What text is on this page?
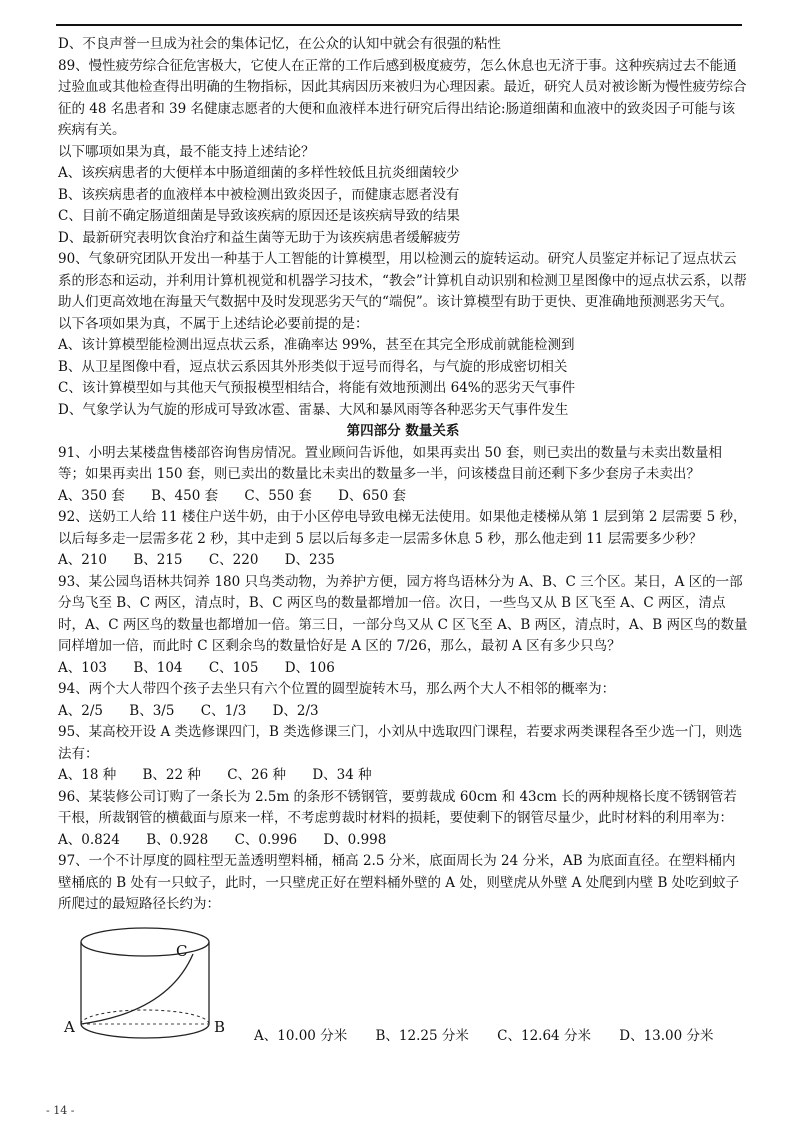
D、不良声誉一旦成为社会的集体记忆，在公众的认知中就会有很强的粘性

89、慢性疲劳综合征危害极大，它使人在正常的工作后感到极度疲劳，怎么休息也无济于事。这种疾病过去不能通过验血或其他检查得出明确的生物指标，因此其病因历来被归为心理因素。最近，研究人员对被诊断为慢性疲劳综合征的 48 名患者和 39 名健康志愿者的大便和血液样本进行研究后得出结论:肠道细菌和血液中的致炎因子可能与该疾病有关。

以下哪项如果为真，最不能支持上述结论？

A、该疾病患者的大便样本中肠道细菌的多样性较低且抗炎细菌较少

B、该疾病患者的血液样本中被检测出致炎因子，而健康志愿者没有

C、目前不确定肠道细菌是导致该疾病的原因还是该疾病导致的结果

D、最新研究表明饮食治疗和益生菌等无助于为该疾病患者缓解疲劳

90、气象研究团队开发出一种基于人工智能的计算模型，用以检测云的旋转运动。研究人员鉴定并标记了逗点状云系的形态和运动，并利用计算机视觉和机器学习技术，“教会”计算机自动识别和检测卫星图像中的逗点状云系，以帮助人们更高效地在海量天气数据中及时发现恶劣天气的“端倪”。该计算模型有助于更快、更准确地预测恶劣天气。

以下各项如果为真，不属于上述结论必要前提的是：

A、该计算模型能检测出逗点状云系，准确率达 99%，甚至在其完全形成前就能检测到

B、从卫星图像中看，逗点状云系因其外形类似于逗号而得名，与气旋的形成密切相关

C、该计算模型如与其他天气预报模型相结合，将能有效地预测出 64%的恶劣天气事件

D、气象学认为气旋的形成可导致冰雹、雷暴、大风和暴风雨等各种恶劣天气事件发生

第四部分 数量关系

91、小明去某楼盘售楼部咨询售房情况。置业顾问告诉他，如果再卖出 50 套，则已卖出的数量与未卖出数量相等；如果再卖出 150 套，则已卖出的数量比未卖出的数量多一半，问该楼盘目前还剩下多少套房子未卖出？

A、350 套 B、450 套 C、550 套 D、650 套

92、送奶工人给 11 楼住户送牛奶，由于小区停电导致电梯无法使用。如果他走楼梯从第 1 层到第 2 层需要 5 秒，以后每多走一层需多花 2 秒，其中走到 5 层以后每多走一层需多休息 5 秒，那么他走到 11 层需要多少秒？

A、210 B、215 C、220 D、235

93、某公园鸟语林共饲养 180 只鸟类动物，为养护方便，园方将鸟语林分为 A、B、C 三个区。某日，A 区的一部分鸟飞至 B、C 两区，清点时，B、C 两区鸟的数量都增加一倍。次日，一些鸟又从 B 区飞至 A、C 两区，清点时，A、C 两区鸟的数量也都增加一倍。第三日，一部分鸟又从 C 区飞至 A、B 两区，清点时，A、B 两区鸟的数量同样增加一倍，而此时 C 区剩余鸟的数量恰好是 A 区的 7/26，那么，最初 A 区有多少只鸟？

A、103 B、104 C、105 D、106

94、两个大人带四个孩子去坐只有六个位置的圆型旋转木马，那么两个大人不相邻的概率为：

A、2/5 B、3/5 C、1/3 D、2/3

95、某高校开设 A 类选修课四门，B 类选修课三门，小刘从中选取四门课程，若要求两类课程各至少选一门，则选法有：

A、18 种 B、22 种 C、26 种 D、34 种

96、某装修公司订购了一条长为 2.5m 的条形不锈钢管，要剪裁成 60cm 和 43cm 长的两种规格长度不锈钢管若干根，所裁钢管的横截面与原来一样，不考虑剪裁时材料的损耗，要使剩下的钢管尽量少，此时材料的利用率为：

A、0.824 B、0.928 C、0.996 D、0.998

97、一个不计厚度的圆柱型无盖透明塑料桶，桶高 2.5 分米，底面周长为 24 分米，AB 为底面直径。在塑料桶内壁桶底的 B 处有一只蚊子，此时，一只壁虎正好在塑料桶外壁的 A 处，则壁虎从外壁 A 处爬到内壁 B 处吃到蚊子所爬过的最短路径长约为：

A	B
C
A、10.00 分米 B、12.25 分米 C、12.64 分米 D、13.00 分米
- 14 -
